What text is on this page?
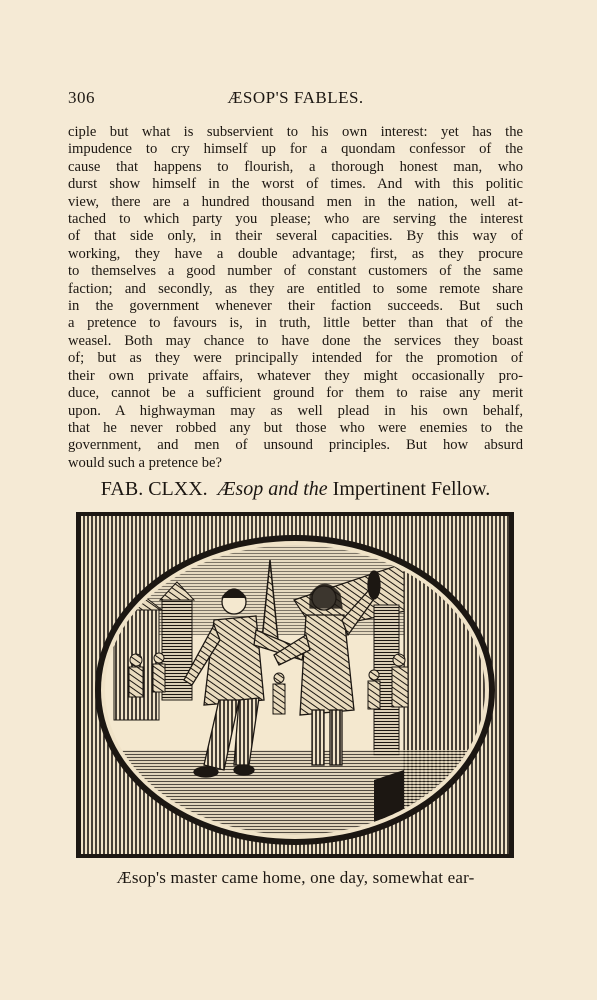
306	ÆSOP'S FABLES.
ciple but what is subservient to his own interest: yet has the
impudence to cry himself up for a quondam confessor of the
cause that happens to flourish, a thorough honest man, who
durst show himself in the worst of times. And with this politic
view, there are a hundred thousand men in the nation, well at-
tached to which party you please; who are serving the interest
of that side only, in their several capacities. By this way of
working, they have a double advantage; first, as they procure
to themselves a good number of constant customers of the same
faction; and secondly, as they are entitled to some remote share
in the government whenever their faction succeeds. But such
a pretence to favours is, in truth, little better than that of the
weasel. Both may chance to have done the services they boast
of; but as they were principally intended for the promotion of
their own private affairs, whatever they might occasionally pro-
duce, cannot be a sufficient ground for them to raise any merit
upon. A highwayman may as well plead in his own behalf,
that he never robbed any but those who were enemies to the
government, and men of unsound principles. But how absurd
would such a pretence be?
FAB. CLXX. Æsop and the Impertinent Fellow.
Æsop's master came home, one day, somewhat ear-
